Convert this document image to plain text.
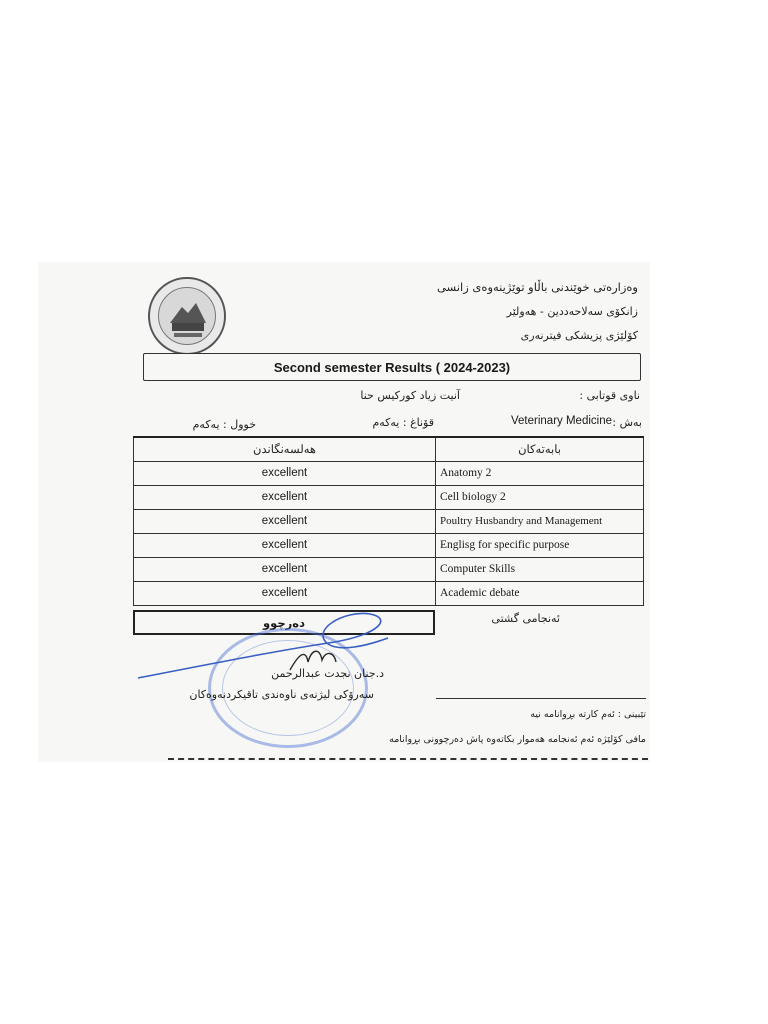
وەزارەتی خوێندنی باڵاو توێژینەوەی زانسی
زانکۆی سەلاحەددین - هەولێر
کۆلێژی پزیشکی فیترنەری
Second semester Results ( 2024-2023)
ناوی قوتابی :
آنیت زیاد کورکیس حنا
بەش :
Veterinary Medicine
قۆناغ : یەکەم
خوول : یەکەم
هەلسەنگاندن	بابەتەکان
excellent	Anatomy 2
excellent	Cell biology 2
excellent	Poultry Husbandry and Management
excellent	Englisg for specific purpose
excellent	Computer Skills
excellent	Academic debate
دەرچوو	ئەنجامی گشتی
د.جنان نجدت عبدالرحمن
سەرۆکی لیژنەی ناوەندی تاقیکردنەوەکان
تێبینی : ئەم کارتە بڕوانامە نیە
مافی کۆلێژە ئەم ئەنجامە هەموار بکاتەوە پاش دەرچوونی بڕوانامە
